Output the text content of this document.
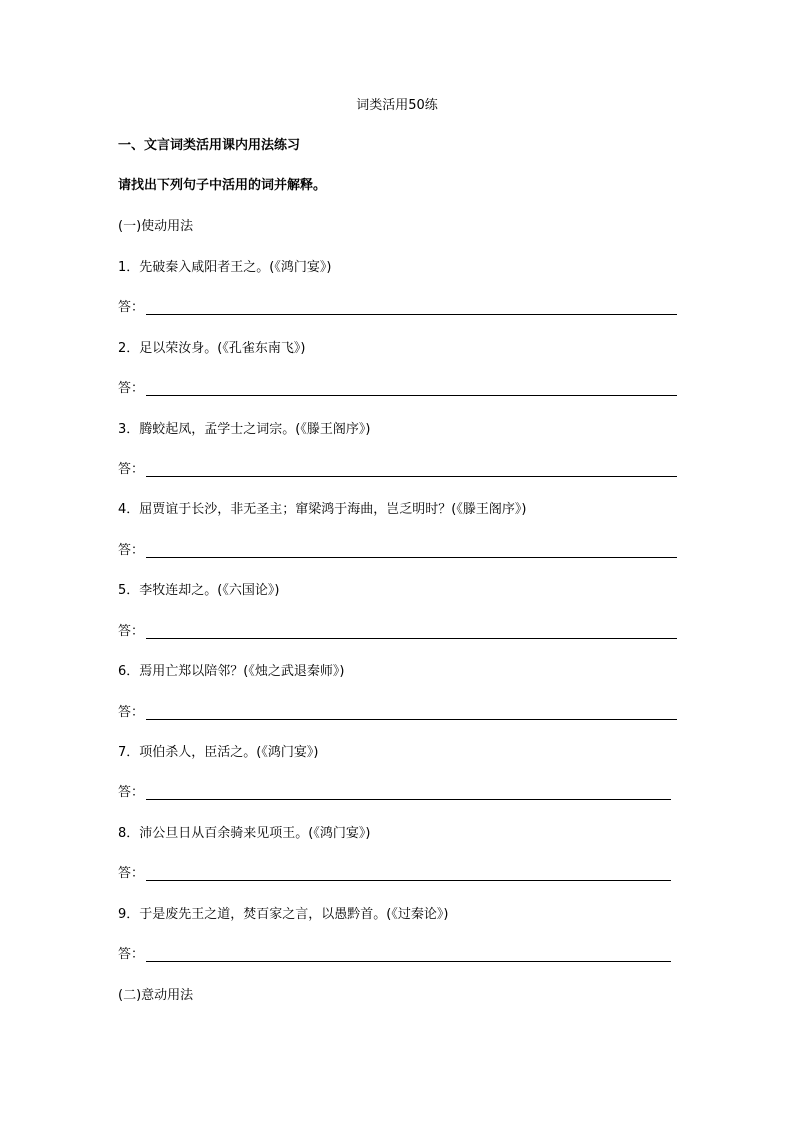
词类活用50练
一、文言词类活用课内用法练习
请找出下列句子中活用的词并解释。
(一)使动用法
1．先破秦入咸阳者王之。(《鸿门宴》)
答：
2．足以荣汝身。(《孔雀东南飞》)
答：
3．腾蛟起凤，孟学士之词宗。(《滕王阁序》)
答：
4．屈贾谊于长沙，非无圣主；窜梁鸿于海曲，岂乏明时？(《滕王阁序》)
答：
5．李牧连却之。(《六国论》)
答：
6．焉用亡郑以陪邻？(《烛之武退秦师》)
答：
7．项伯杀人，臣活之。(《鸿门宴》)
答：
8．沛公旦日从百余骑来见项王。(《鸿门宴》)
答：
9．于是废先王之道，焚百家之言，以愚黔首。(《过秦论》)
答：
(二)意动用法
